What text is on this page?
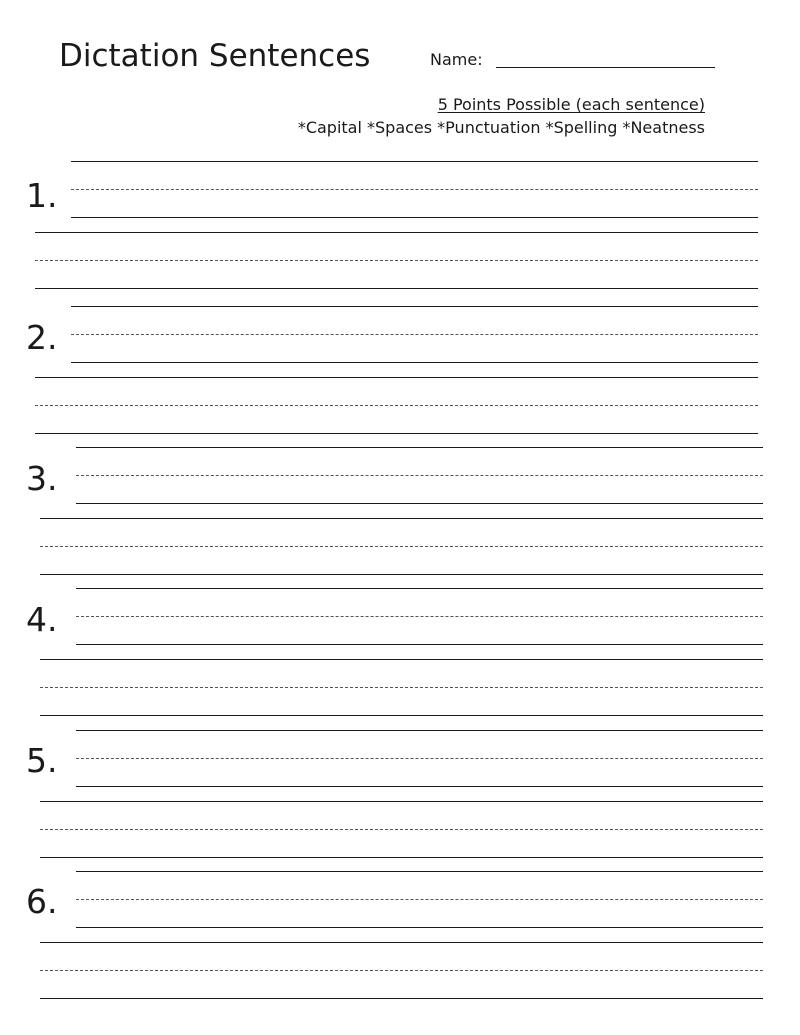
Dictation Sentences	Name:
5 Points Possible (each sentence)
*Capital *Spaces *Punctuation *Spelling *Neatness
1.
2.
3.
4.
5.
6.
